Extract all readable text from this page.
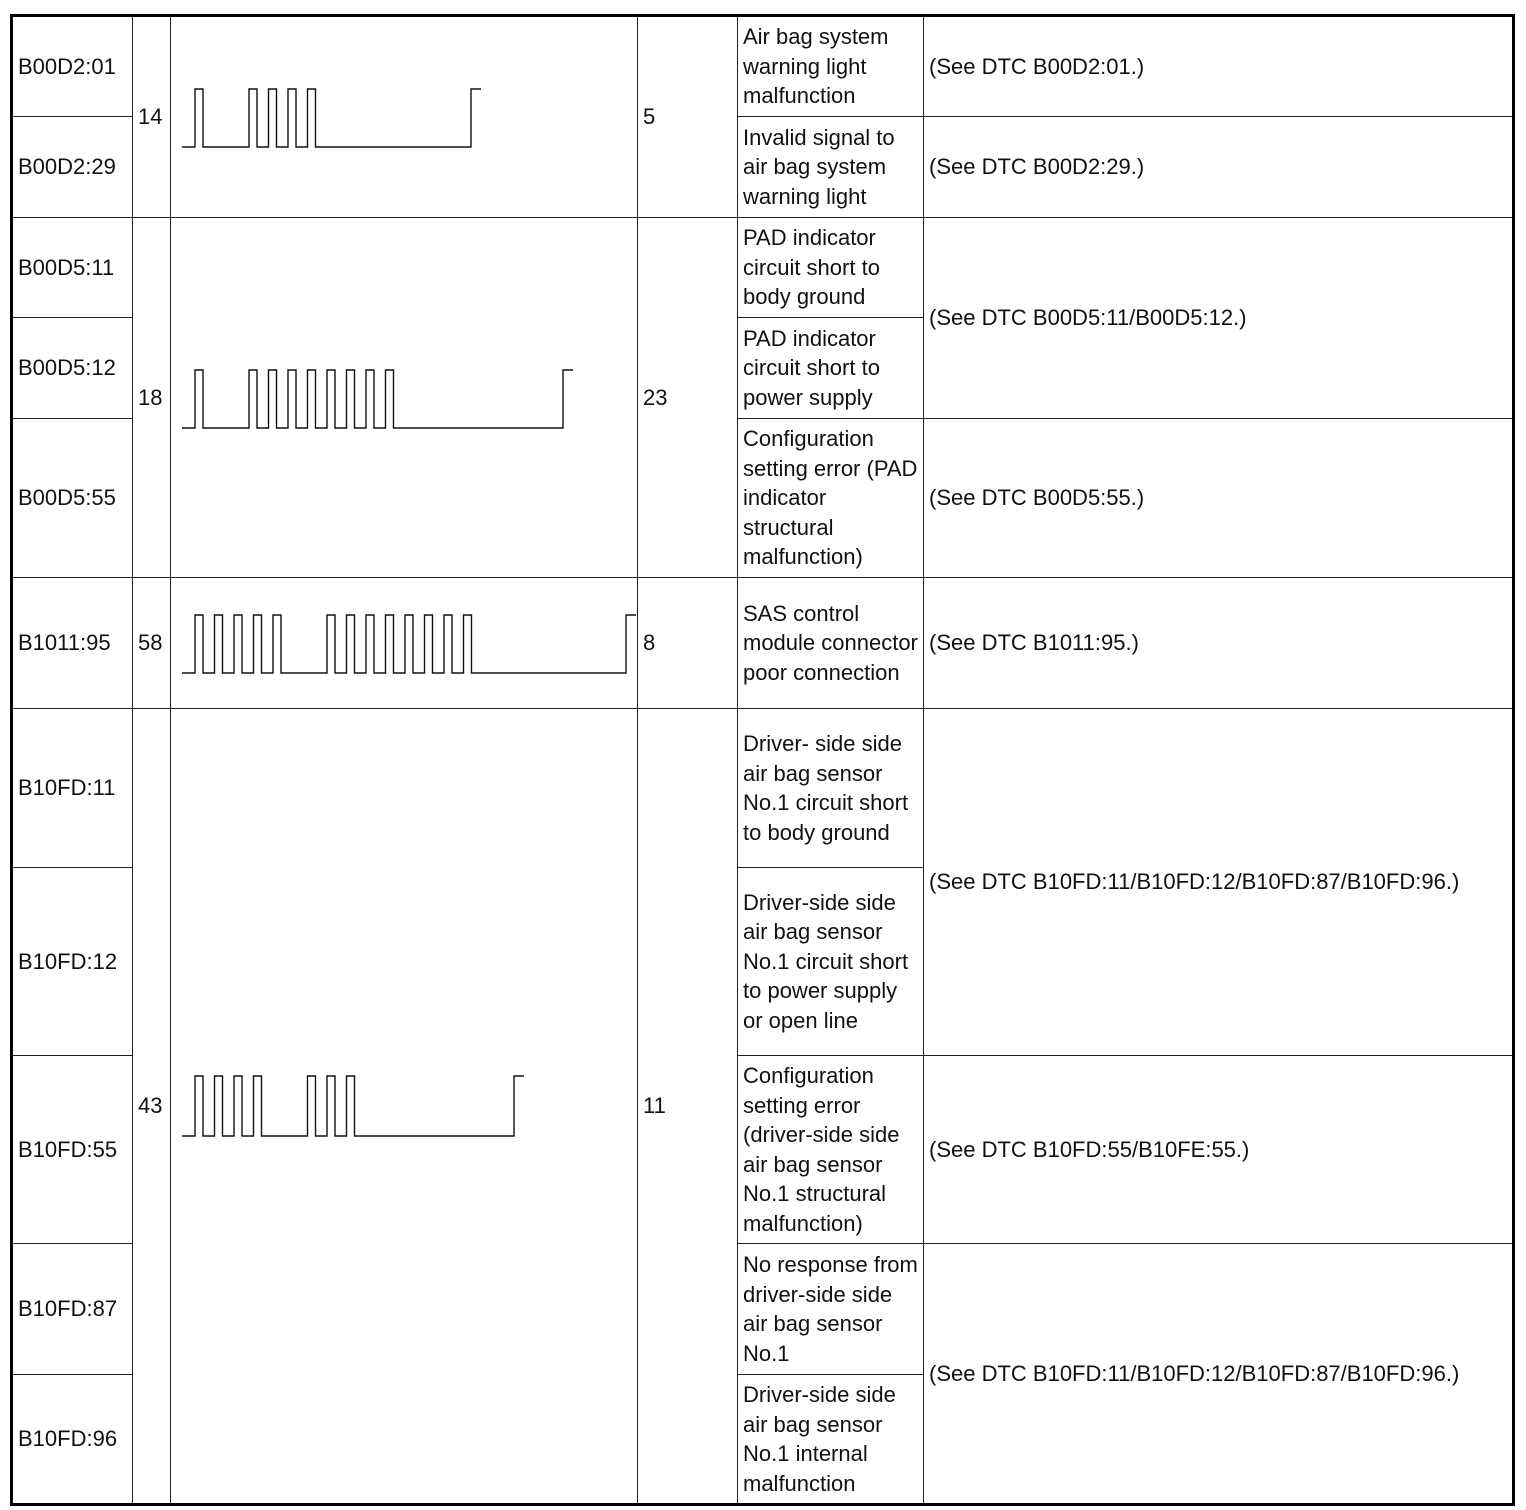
B00D2:01	14		5	Air bag system warning light malfunction	(See DTC B00D2:01.)
B00D2:29				Invalid signal to air bag system warning light	(See DTC B00D2:29.)
B00D5:11	18		23	PAD indicator circuit short to body ground	(See DTC B00D5:11/B00D5:12.)
B00D5:12				PAD indicator circuit short to power supply	
B00D5:55				Configuration setting error (PAD indicator structural malfunction)	(See DTC B00D5:55.)
B1011:95	58		8	SAS control module connector poor connection	(See DTC B1011:95.)
B10FD:11	43		11	Driver- side side air bag sensor No.1 circuit short to body ground	(See DTC B10FD:11/B10FD:12/B10FD:87/B10FD:96.)
B10FD:12				Driver-side side air bag sensor No.1 circuit short to power supply or open line	
B10FD:55				Configuration setting error (driver-side side air bag sensor No.1 structural malfunction)	(See DTC B10FD:55/B10FE:55.)
B10FD:87				No response from driver-side side air bag sensor No.1	(See DTC B10FD:11/B10FD:12/B10FD:87/B10FD:96.)
B10FD:96				Driver-side side air bag sensor No.1 internal malfunction	
